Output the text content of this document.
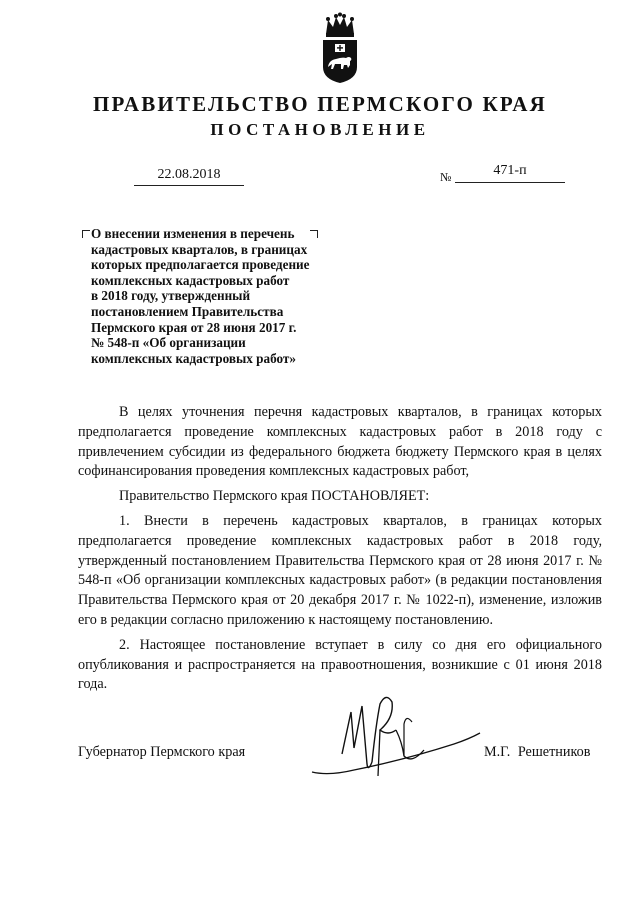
ПРАВИТЕЛЬСТВО ПЕРМСКОГО КРАЯ
ПОСТАНОВЛЕНИЕ
22.08.2018	№	471-п

О внесении изменения в перечень
кадастровых кварталов, в границах
которых предполагается проведение
комплексных кадастровых работ
в 2018 году, утвержденный
постановлением Правительства
Пермского края от 28 июня 2017 г.
№ 548-п «Об организации
комплексных кадастровых работ»

В целях уточнения перечня кадастровых кварталов, в границах которых предполагается проведение комплексных кадастровых работ в 2018 году с привлечением субсидии из федерального бюджета бюджету Пермского края в целях софинансирования проведения комплексных кадастровых работ,

Правительство Пермского края ПОСТАНОВЛЯЕТ:

1. Внести в перечень кадастровых кварталов, в границах которых предполагается проведение комплексных кадастровых работ в 2018 году, утвержденный постановлением Правительства Пермского края от 28 июня 2017 г. № 548-п «Об организации комплексных кадастровых работ» (в редакции постановления Правительства Пермского края от 20 декабря 2017 г. № 1022-п), изменение, изложив его в редакции согласно приложению к настоящему постановлению.

2. Настоящее постановление вступает в силу со дня его официального опубликования и распространяется на правоотношения, возникшие с 01 июня 2018 года.

Губернатор Пермского края	М.Г. Решетников
